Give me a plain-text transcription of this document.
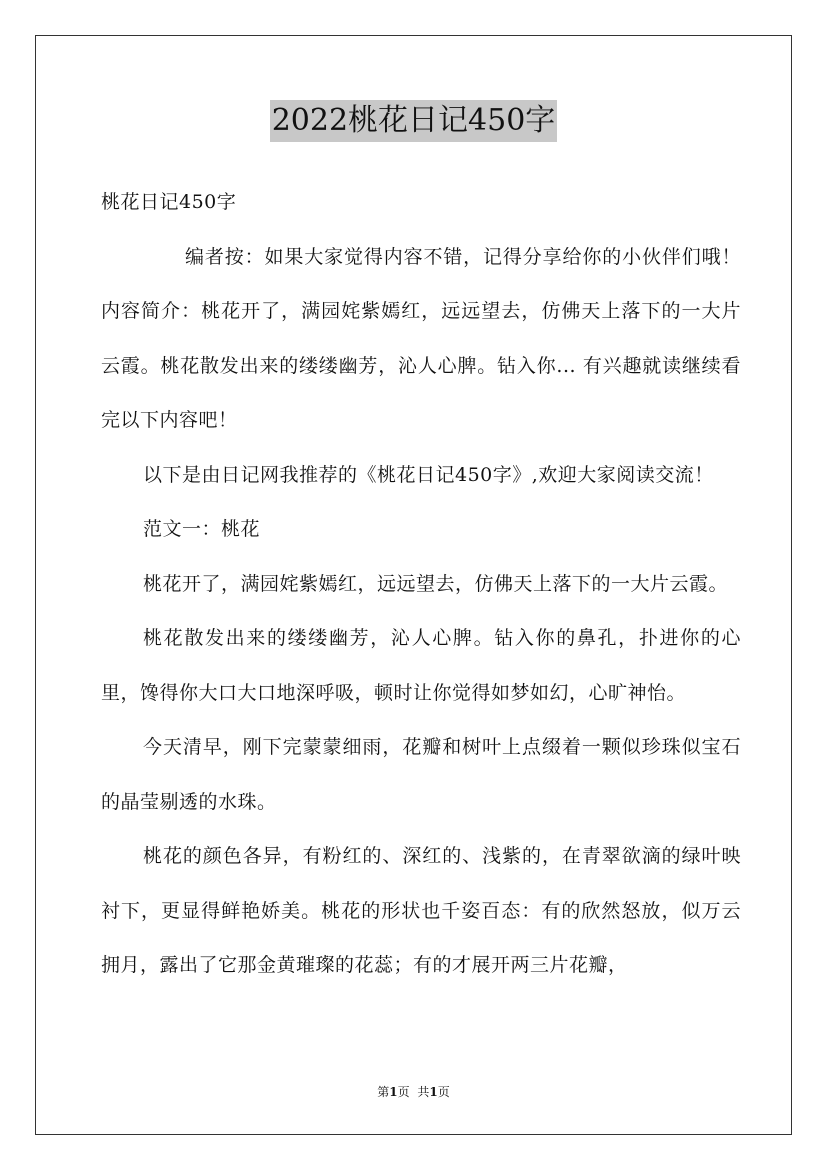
2022桃花日记450字

桃花日记450字

编者按：如果大家觉得内容不错，记得分享给你的小伙伴们哦！内容简介：桃花开了，满园姹紫嫣红，远远望去，仿佛天上落下的一大片云霞。桃花散发出来的缕缕幽芳，沁人心脾。钻入你... 有兴趣就读继续看完以下内容吧！

以下是由日记网我推荐的《桃花日记450字》,欢迎大家阅读交流！

范文一：桃花

桃花开了，满园姹紫嫣红，远远望去，仿佛天上落下的一大片云霞。

桃花散发出来的缕缕幽芳，沁人心脾。钻入你的鼻孔，扑进你的心里，馋得你大口大口地深呼吸，顿时让你觉得如梦如幻，心旷神怡。

今天清早，刚下完蒙蒙细雨，花瓣和树叶上点缀着一颗似珍珠似宝石的晶莹剔透的水珠。

桃花的颜色各异，有粉红的、深红的、浅紫的，在青翠欲滴的绿叶映衬下，更显得鲜艳娇美。桃花的形状也千姿百态：有的欣然怒放，似万云拥月，露出了它那金黄璀璨的花蕊；有的才展开两三片花瓣，

第1页 共1页
